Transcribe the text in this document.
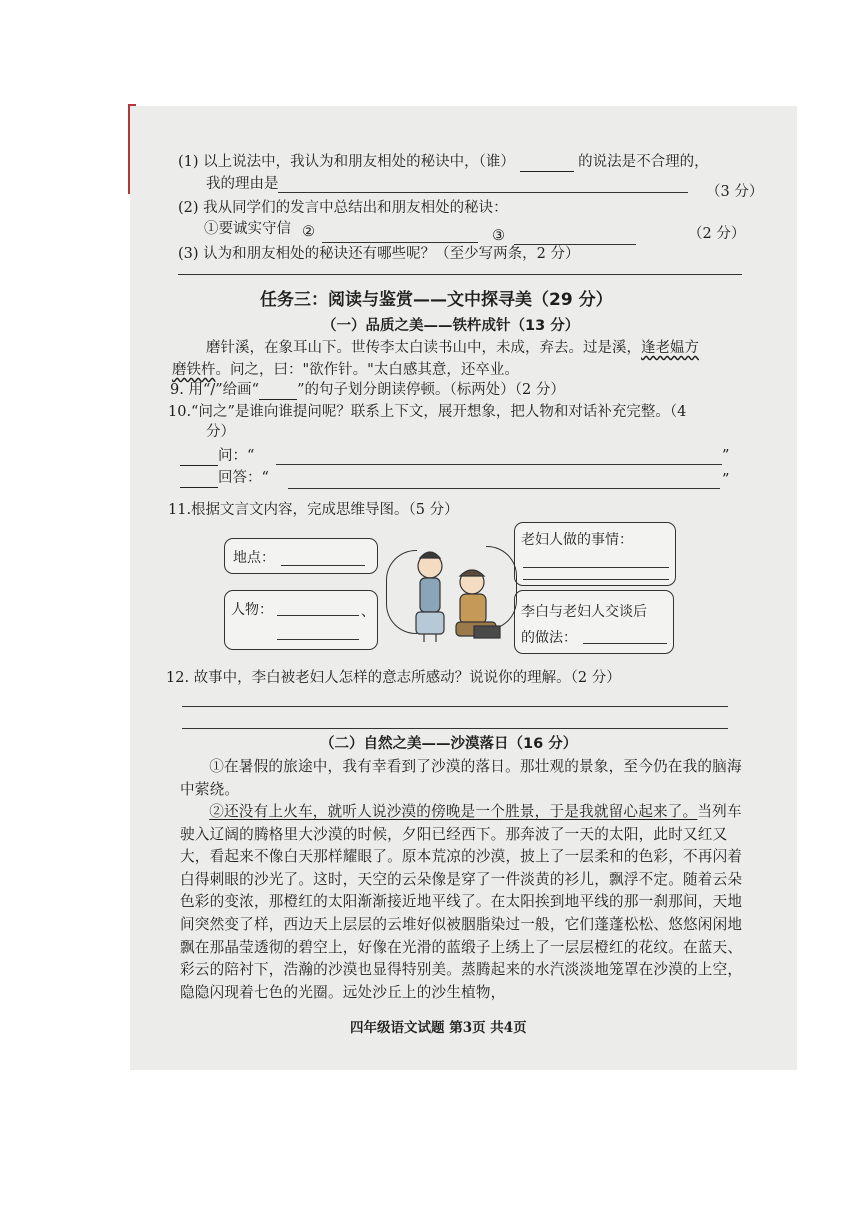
(1) 以上说法中，我认为和朋友相处的秘诀中，（谁）	的说法是不合理的，
我的理由是	（3 分）
(2) 我从同学们的发言中总结出和朋友相处的秘诀：
①要诚实守信 ②	③	（2 分）
(3) 认为和朋友相处的秘诀还有哪些呢？（至少写两条，2 分）
任务三：阅读与鉴赏——文中探寻美（29 分）
（一）品质之美——铁杵成针（13 分）
磨针溪，在象耳山下。世传李太白读书山中，未成，弃去。过是溪，逢老媪方
磨铁杵。问之，曰："欲作针。"太白感其意，还卒业。
9. 用“/”给画“	”的句子划分朗读停顿。（标两处）（2 分）
10.“问之”是谁向谁提问呢？联系上下文，展开想象，把人物和对话补充完整。（4
分）
问：“	”
回答：“	”
11.根据文言文内容，完成思维导图。（5 分）
地点：
人物：	、
老妇人做的事情：
李白与老妇人交谈后
的做法：
12. 故事中，李白被老妇人怎样的意志所感动？说说你的理解。（2 分）
（二）自然之美——沙漠落日（16 分）
①在暑假的旅途中，我有幸看到了沙漠的落日。那壮观的景象，至今仍在我的脑海中萦绕。
②还没有上火车，就听人说沙漠的傍晚是一个胜景，于是我就留心起来了。当列车驶入辽阔的腾格里大沙漠的时候，夕阳已经西下。那奔波了一天的太阳，此时又红又大，看起来不像白天那样耀眼了。原本荒凉的沙漠，披上了一层柔和的色彩，不再闪着白得刺眼的沙光了。这时，天空的云朵像是穿了一件淡黄的衫儿，飘浮不定。随着云朵色彩的变浓，那橙红的太阳渐渐接近地平线了。在太阳挨到地平线的那一刹那间，天地间突然变了样，西边天上层层的云堆好似被胭脂染过一般，它们蓬蓬松松、悠悠闲闲地飘在那晶莹透彻的碧空上，好像在光滑的蓝缎子上绣上了一层层橙红的花纹。在蓝天、彩云的陪衬下，浩瀚的沙漠也显得特别美。蒸腾起来的水汽淡淡地笼罩在沙漠的上空，隐隐闪现着七色的光圈。远处沙丘上的沙生植物，
四年级语文试题 第3页 共4页
